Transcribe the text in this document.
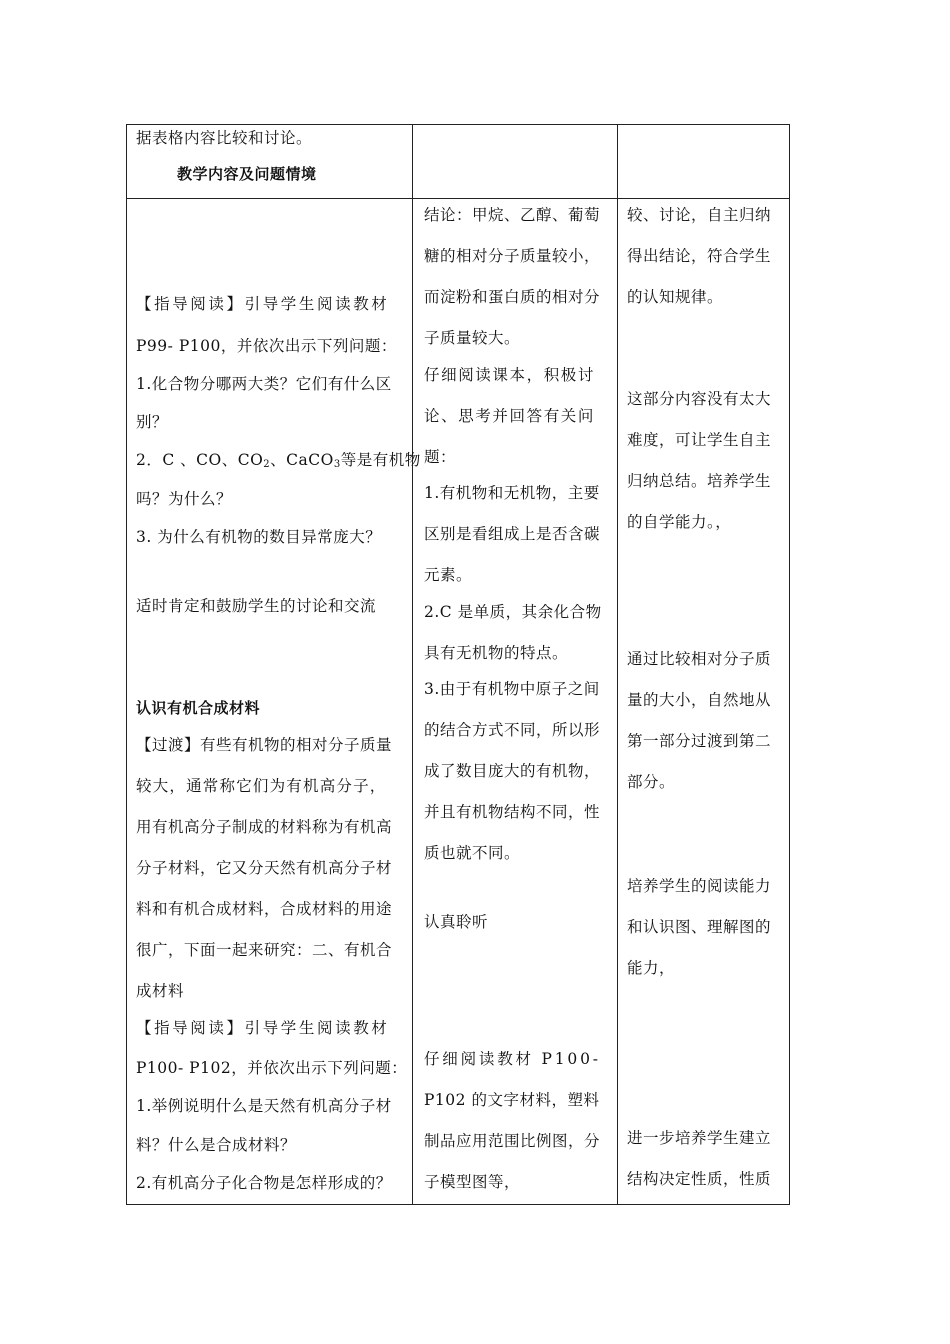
据表格内容比较和讨论。
教学内容及问题情境
【指导阅读】引导学生阅读教材
P99- P100，并依次出示下列问题：
1.化合物分哪两大类？它们有什么区
别？
2．C 、CO、$CO_2$、CaCO$_3$等是有机物
吗？为什么？
3. 为什么有机物的数目异常庞大？
适时肯定和鼓励学生的讨论和交流
认识有机合成材料
【过渡】有些有机物的相对分子质量
较大，通常称它们为有机高分子，
用有机高分子制成的材料称为有机高
分子材料，它又分天然有机高分子材
料和有机合成材料，合成材料的用途
很广，下面一起来研究：二、有机合
成材料
【指导阅读】引导学生阅读教材
P100- P102，并依次出示下列问题：
1.举例说明什么是天然有机高分子材
料？什么是合成材料？
2.有机高分子化合物是怎样形成的？
结论：甲烷、乙醇、葡萄
糖的相对分子质量较小，
而淀粉和蛋白质的相对分
子质量较大。
仔细阅读课本，积极讨
论、思考并回答有关问
题：
1.有机物和无机物，主要
区别是看组成上是否含碳
元素。
2.C 是单质，其余化合物
具有无机物的特点。
3.由于有机物中原子之间
的结合方式不同，所以形
成了数目庞大的有机物，
并且有机物结构不同，性
质也就不同。
认真聆听
仔细阅读教材 P100-
P102 的文字材料，塑料
制品应用范围比例图，分
子模型图等，
较、讨论，自主归纳
得出结论，符合学生
的认知规律。
这部分内容没有太大
难度，可让学生自主
归纳总结。培养学生
的自学能力。，
通过比较相对分子质
量的大小，自然地从
第一部分过渡到第二
部分。
培养学生的阅读能力
和认识图、理解图的
能力，
进一步培养学生建立
结构决定性质，性质
